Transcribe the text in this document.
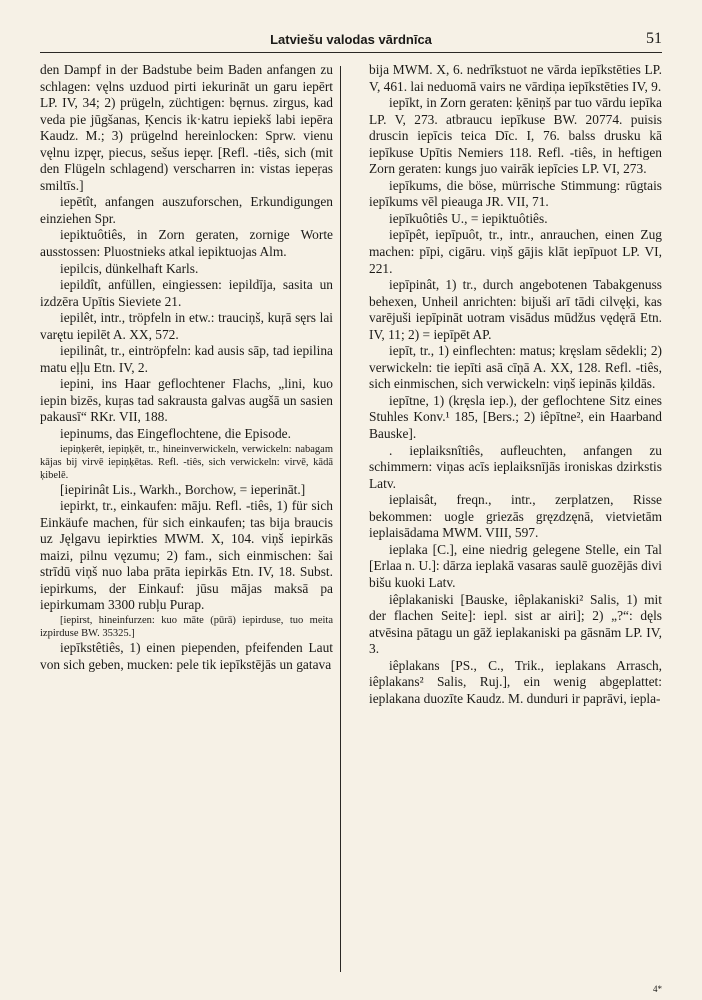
Latviešu valodas vārdnīca	51

den Dampf in der Badstube beim Baden anfangen zu schlagen: vęlns uzduod pirti iekurināt un garu iepērt LP. IV, 34; 2) prügeln, züchtigen: bęrnus. zirgus, kad veda pie jūgšanas, Ķencis ik·katru iepiekš labi iepēra Kaudz. M.; 3) prügelnd hereinlocken: Sprw. vienu vęlnu izpęr, piecus, sešus iepęr. [Refl. -tiês, sich (mit den Flügeln schlagend) verscharren in: vistas iepeŗas smiltīs.]

iepētît, anfangen auszuforschen, Erkundigungen einziehen Spr.

iepiktuôtiês, in Zorn geraten, zornige Worte ausstossen: Pluostnieks atkal iepiktuojas Alm.

iepilcis, dünkelhaft Karls.

iepildît, anfüllen, eingiessen: iepildīja, sasita un izdzēra Upītis Sieviete 21.

iepilêt, intr., tröpfeln in etw.: trauciņš, kuŗā sęrs lai varętu iepilēt A. XX, 572.

iepilinât, tr., eintröpfeln: kad ausis sāp, tad iepilina matu eļļu Etn. IV, 2.

iepini, ins Haar geflochtener Flachs, „lini, kuo iepin bizēs, kuŗas tad sakrausta galvas augšā un sasien pakausī“ RKr. VII, 188.

iepinums, das Eingeflochtene, die Episode.

iepiņķerêt, iepiņķēt, tr., hineinverwickeln, verwickeln: nabagam kājas bij virvē iepiņķētas. Refl. -tiês, sich verwickeln: virvē, kādā ķibelē.

[iepirinât Lis., Warkh., Borchow, = ieperināt.]

iepirkt, tr., einkaufen: māju. Refl. -tiês, 1) für sich Einkäufe machen, für sich einkaufen; tas bija braucis uz Jęlgavu iepirkties MWM. X, 104. viņš iepirkās maizi, pilnu vęzumu; 2) fam., sich einmischen: šai strīdū viņš nuo laba prāta iepirkās Etn. IV, 18. Subst. iepirkums, der Einkauf: jūsu mājas maksā pa iepirkumam 3300 rubļu Purap.

[iepirst, hineinfurzen: kuo māte (pūrā) iepirduse, tuo meita izpirduse BW. 35325.]

iepīkstêtiês, 1) einen piependen, pfeifenden Laut von sich geben, mucken: pele tik iepīkstējās un gatava

bija MWM. X, 6. nedrīkstuot ne vārda iepīkstēties LP. V, 461. lai neduomā vairs ne vārdiņa iepīkstēties IV, 9.

iepīkt, in Zorn geraten: ķēniņš par tuo vārdu iepīka LP. V, 273. atbraucu iepīkuse BW. 20774. puisis druscin iepīcis teica Dīc. I, 76. balss drusku kā iepīkuse Upītis Nemiers 118. Refl. -tiês, in heftigen Zorn geraten: kungs juo vairāk iepīcies LP. VI, 273.

iepīkums, die böse, mürrische Stimmung: rūgtais iepīkums vēl pieauga JR. VII, 71.

iepīkuôtiês U., = iepiktuôtiês.

iepīpêt, iepīpuôt, tr., intr., anrauchen, einen Zug machen: pīpi, cigāru. viņš gājis klāt iepīpuot LP. VI, 221.

iepīpinât, 1) tr., durch angebotenen Tabakgenuss behexen, Unheil anrichten: bijuši arī tādi cilvęķi, kas varējuši iepīpināt uotram visādus mūdžus vędęrā Etn. IV, 11; 2) = iepīpēt AP.

iepīt, tr., 1) einflechten: matus; kręslam sēdekli; 2) verwickeln: tie iepīti asā cīņā A. XX, 128. Refl. -tiês, sich einmischen, sich verwickeln: viņš iepinās ķildās.

iepītne, 1) (kręsla iep.), der geflochtene Sitz eines Stuhles Konv.¹ 185, [Bers.; 2) iêpītne², ein Haarband Bauske].

. ieplaiksnîtiês, aufleuchten, anfangen zu schimmern: viņas acīs ieplaiksnījās ironiskas dzirkstis Latv.

ieplaisât, freqn., intr., zerplatzen, Risse bekommen: uogle griezās gręzdzęnā, vietvietām ieplaisādama MWM. VIII, 597.

ieplaka [C.], eine niedrig gelegene Stelle, ein Tal [Erlaa n. U.]: dārza ieplakā vasaras saulē guozējās divi bišu kuoki Latv.

iêplakaniski [Bauske, iêplakaniski² Salis, 1) mit der flachen Seite]: iepl. sist ar airi]; 2) „?“: dęls atvēsina pātagu un gāž ieplakaniski pa gāsnām LP. IV, 3.

iêplakans [PS., C., Trik., ieplakans Arrasch, iêplakans² Salis, Ruj.], ein wenig abgeplattet: ieplakana duozīte Kaudz. M. dunduri ir paprāvi, iepla-

4*
